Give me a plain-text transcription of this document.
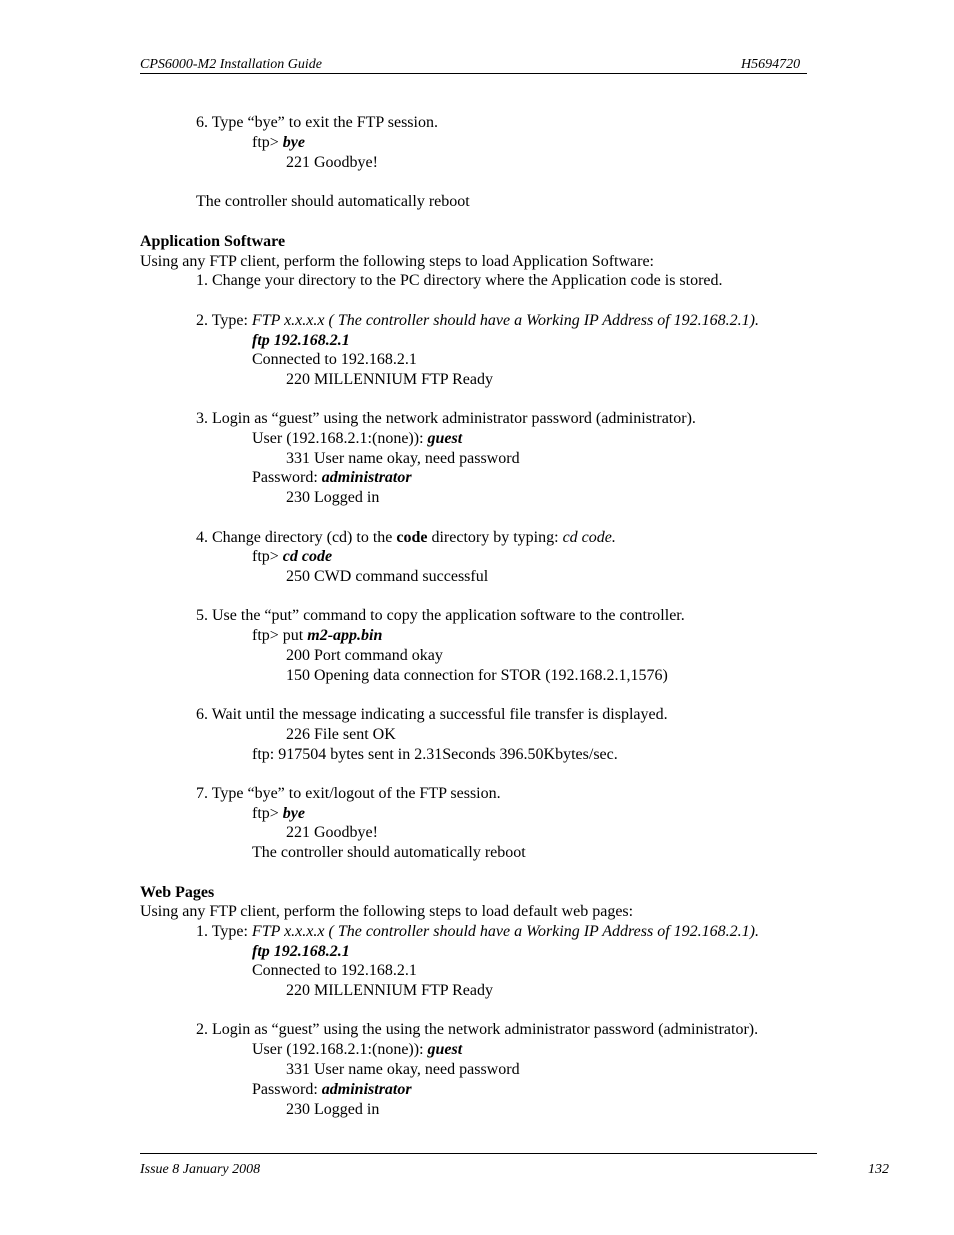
CPS6000-M2 Installation Guide	H5694720
6. Type “bye” to exit the FTP session.
ftp> bye
221 Goodbye!
The controller should automatically reboot
Application Software
Using any FTP client, perform the following steps to load Application Software:
1. Change your directory to the PC directory where the Application code is stored.
2. Type: FTP x.x.x.x ( The controller should have a Working IP Address of 192.168.2.1).
ftp 192.168.2.1
Connected to 192.168.2.1
220 MILLENNIUM FTP Ready
3. Login as “guest” using the network administrator password (administrator).
User (192.168.2.1:(none)): guest
331 User name okay, need password
Password: administrator
230 Logged in
4. Change directory (cd) to the code directory by typing: cd code.
ftp> cd code
250 CWD command successful
5. Use the “put” command to copy the application software to the controller.
ftp> put m2-app.bin
200 Port command okay
150 Opening data connection for STOR (192.168.2.1,1576)
6. Wait until the message indicating a successful file transfer is displayed.
226 File sent OK
ftp: 917504 bytes sent in 2.31Seconds 396.50Kbytes/sec.
7. Type “bye” to exit/logout of the FTP session.
ftp> bye
221 Goodbye!
The controller should automatically reboot
Web Pages
Using any FTP client, perform the following steps to load default web pages:
1. Type: FTP x.x.x.x ( The controller should have a Working IP Address of 192.168.2.1).
ftp 192.168.2.1
Connected to 192.168.2.1
220 MILLENNIUM FTP Ready
2. Login as “guest” using the using the network administrator password (administrator).
User (192.168.2.1:(none)): guest
331 User name okay, need password
Password: administrator
230 Logged in
Issue 8 January 2008	132
